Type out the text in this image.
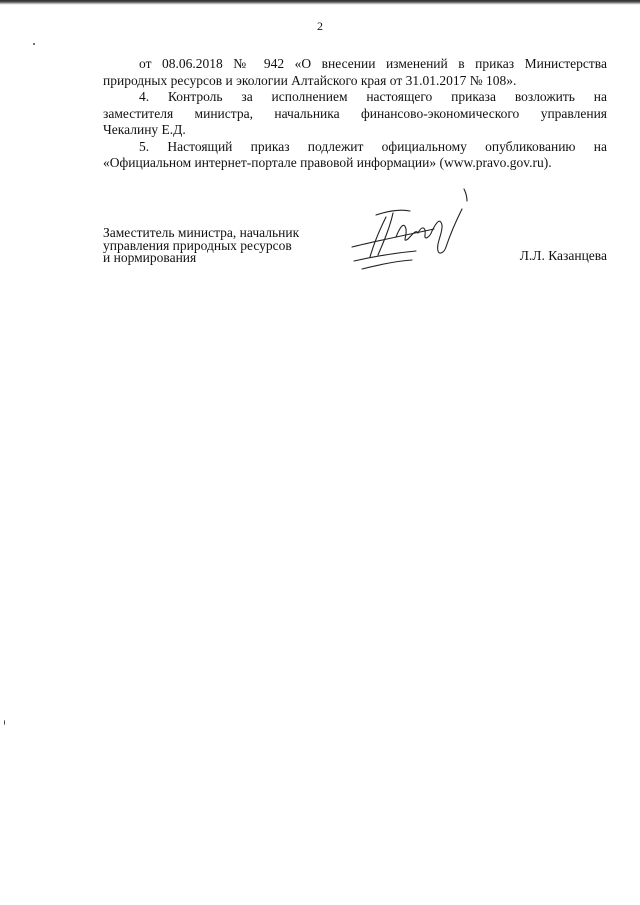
2

от 08.06.2018 № 942 «О внесении изменений в приказ Министерства

природных ресурсов и экологии Алтайского края от 31.01.2017 № 108».

4. Контроль за исполнением настоящего приказа возложить на

заместителя министра, начальника финансово-экономического управления

Чекалину Е.Д.

5. Настоящий приказ подлежит официальному опубликованию на

«Официальном интернет-портале правовой информации» (www.pravo.gov.ru).

Заместитель министра, начальник
управления природных ресурсов
и нормирования	Л.Л. Казанцева
